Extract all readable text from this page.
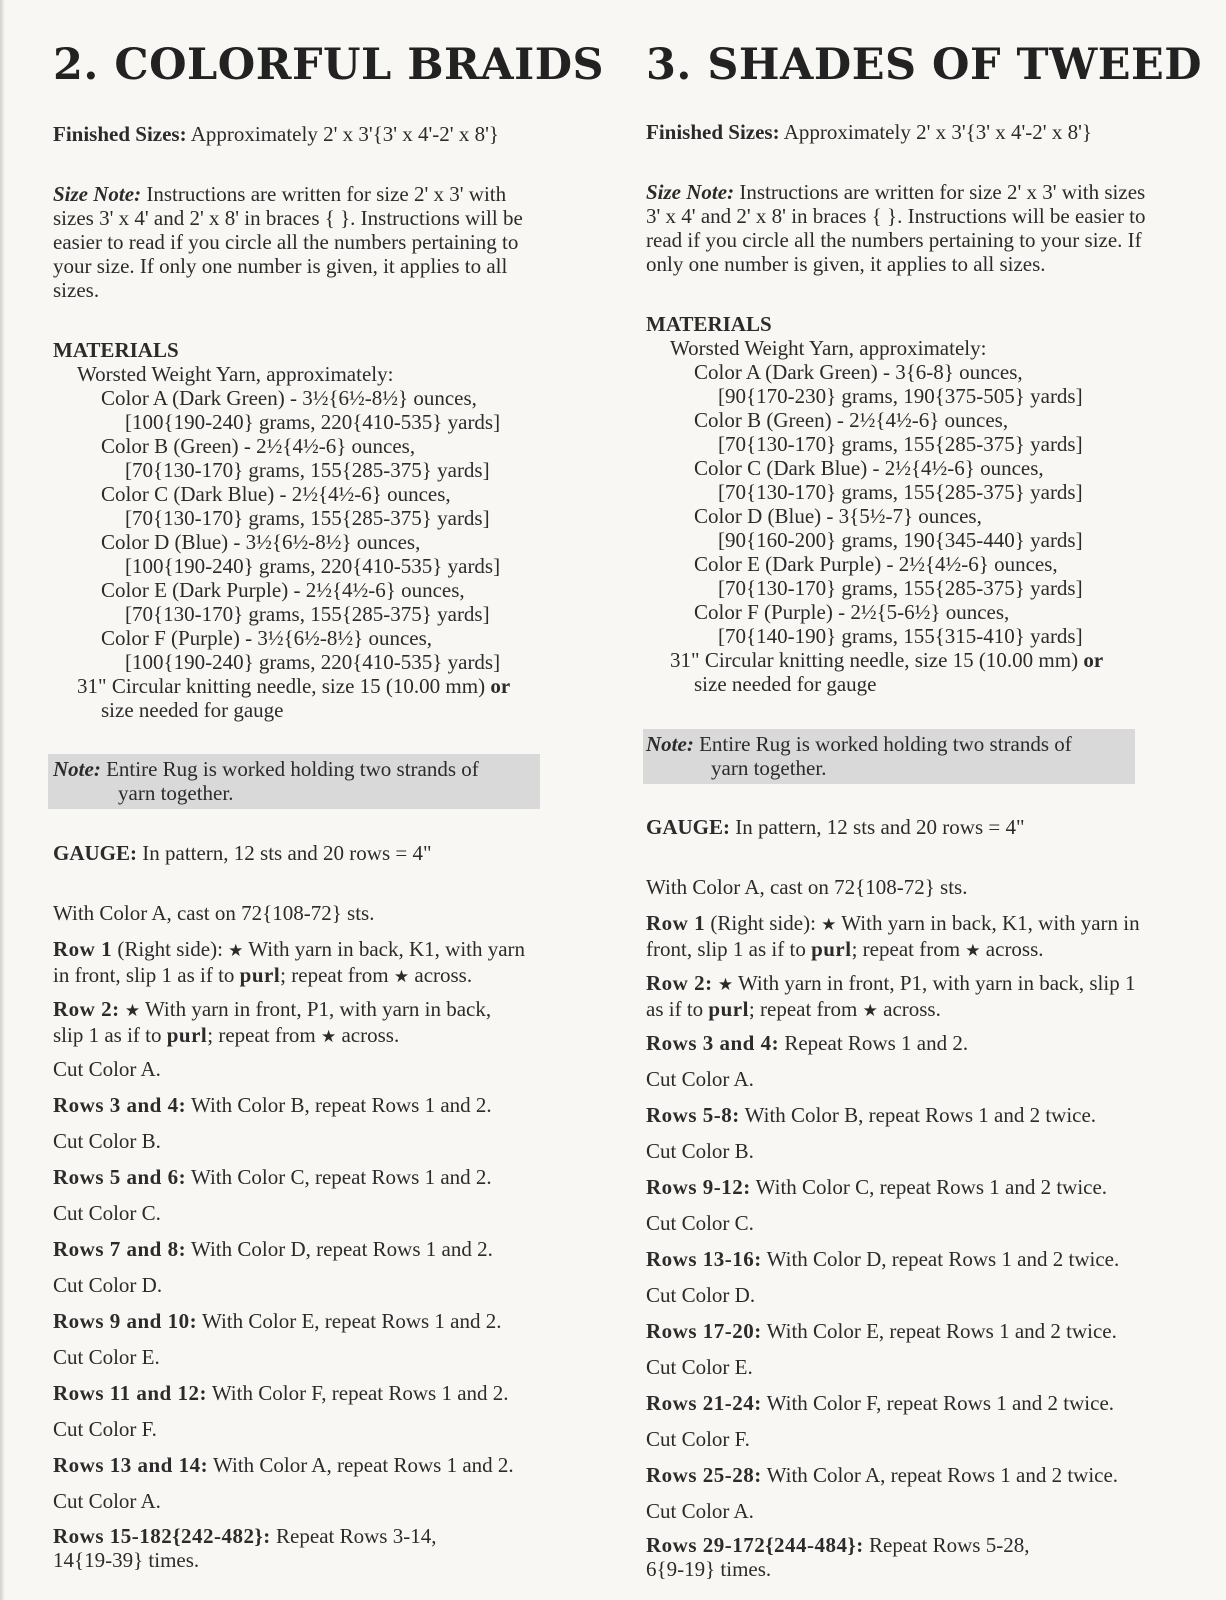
2. COLORFUL BRAIDS

Finished Sizes: Approximately 2' x 3'{3' x 4'-2' x 8'}

Size Note: Instructions are written for size 2' x 3' with
sizes 3' x 4' and 2' x 8' in braces { }. Instructions will be
easier to read if you circle all the numbers pertaining to
your size. If only one number is given, it applies to all
sizes.
MATERIALS
Worsted Weight Yarn, approximately:
Color A (Dark Green) - 3½{6½-8½} ounces,
[100{190-240} grams, 220{410-535} yards]
Color B (Green) - 2½{4½-6} ounces,
[70{130-170} grams, 155{285-375} yards]
Color C (Dark Blue) - 2½{4½-6} ounces,
[70{130-170} grams, 155{285-375} yards]
Color D (Blue) - 3½{6½-8½} ounces,
[100{190-240} grams, 220{410-535} yards]
Color E (Dark Purple) - 2½{4½-6} ounces,
[70{130-170} grams, 155{285-375} yards]
Color F (Purple) - 3½{6½-8½} ounces,
[100{190-240} grams, 220{410-535} yards]
31" Circular knitting needle, size 15 (10.00 mm) or
size needed for gauge
Note: Entire Rug is worked holding two strands of
yarn together.

GAUGE: In pattern, 12 sts and 20 rows = 4"

With Color A, cast on 72{108-72} sts.

Row 1 (Right side): ★ With yarn in back, K1, with yarn
in front, slip 1 as if to purl; repeat from ★ across.
Row 2: ★ With yarn in front, P1, with yarn in back,
slip 1 as if to purl; repeat from ★ across.
Cut Color A.
Rows 3 and 4: With Color B, repeat Rows 1 and 2.
Cut Color B.
Rows 5 and 6: With Color C, repeat Rows 1 and 2.
Cut Color C.
Rows 7 and 8: With Color D, repeat Rows 1 and 2.
Cut Color D.
Rows 9 and 10: With Color E, repeat Rows 1 and 2.
Cut Color E.
Rows 11 and 12: With Color F, repeat Rows 1 and 2.
Cut Color F.
Rows 13 and 14: With Color A, repeat Rows 1 and 2.
Cut Color A.
Rows 15-182{242-482}: Repeat Rows 3-14,
14{19-39} times.
3. SHADES OF TWEED

Finished Sizes: Approximately 2' x 3'{3' x 4'-2' x 8'}

Size Note: Instructions are written for size 2' x 3' with sizes
3' x 4' and 2' x 8' in braces { }. Instructions will be easier to
read if you circle all the numbers pertaining to your size. If
only one number is given, it applies to all sizes.
MATERIALS
Worsted Weight Yarn, approximately:
Color A (Dark Green) - 3{6-8} ounces,
[90{170-230} grams, 190{375-505} yards]
Color B (Green) - 2½{4½-6} ounces,
[70{130-170} grams, 155{285-375} yards]
Color C (Dark Blue) - 2½{4½-6} ounces,
[70{130-170} grams, 155{285-375} yards]
Color D (Blue) - 3{5½-7} ounces,
[90{160-200} grams, 190{345-440} yards]
Color E (Dark Purple) - 2½{4½-6} ounces,
[70{130-170} grams, 155{285-375} yards]
Color F (Purple) - 2½{5-6½} ounces,
[70{140-190} grams, 155{315-410} yards]
31" Circular knitting needle, size 15 (10.00 mm) or
size needed for gauge
Note: Entire Rug is worked holding two strands of
yarn together.

GAUGE: In pattern, 12 sts and 20 rows = 4"

With Color A, cast on 72{108-72} sts.

Row 1 (Right side): ★ With yarn in back, K1, with yarn in
front, slip 1 as if to purl; repeat from ★ across.
Row 2: ★ With yarn in front, P1, with yarn in back, slip 1
as if to purl; repeat from ★ across.
Rows 3 and 4: Repeat Rows 1 and 2.
Cut Color A.
Rows 5-8: With Color B, repeat Rows 1 and 2 twice.
Cut Color B.
Rows 9-12: With Color C, repeat Rows 1 and 2 twice.
Cut Color C.
Rows 13-16: With Color D, repeat Rows 1 and 2 twice.
Cut Color D.
Rows 17-20: With Color E, repeat Rows 1 and 2 twice.
Cut Color E.
Rows 21-24: With Color F, repeat Rows 1 and 2 twice.
Cut Color F.
Rows 25-28: With Color A, repeat Rows 1 and 2 twice.
Cut Color A.
Rows 29-172{244-484}: Repeat Rows 5-28,
6{9-19} times.
